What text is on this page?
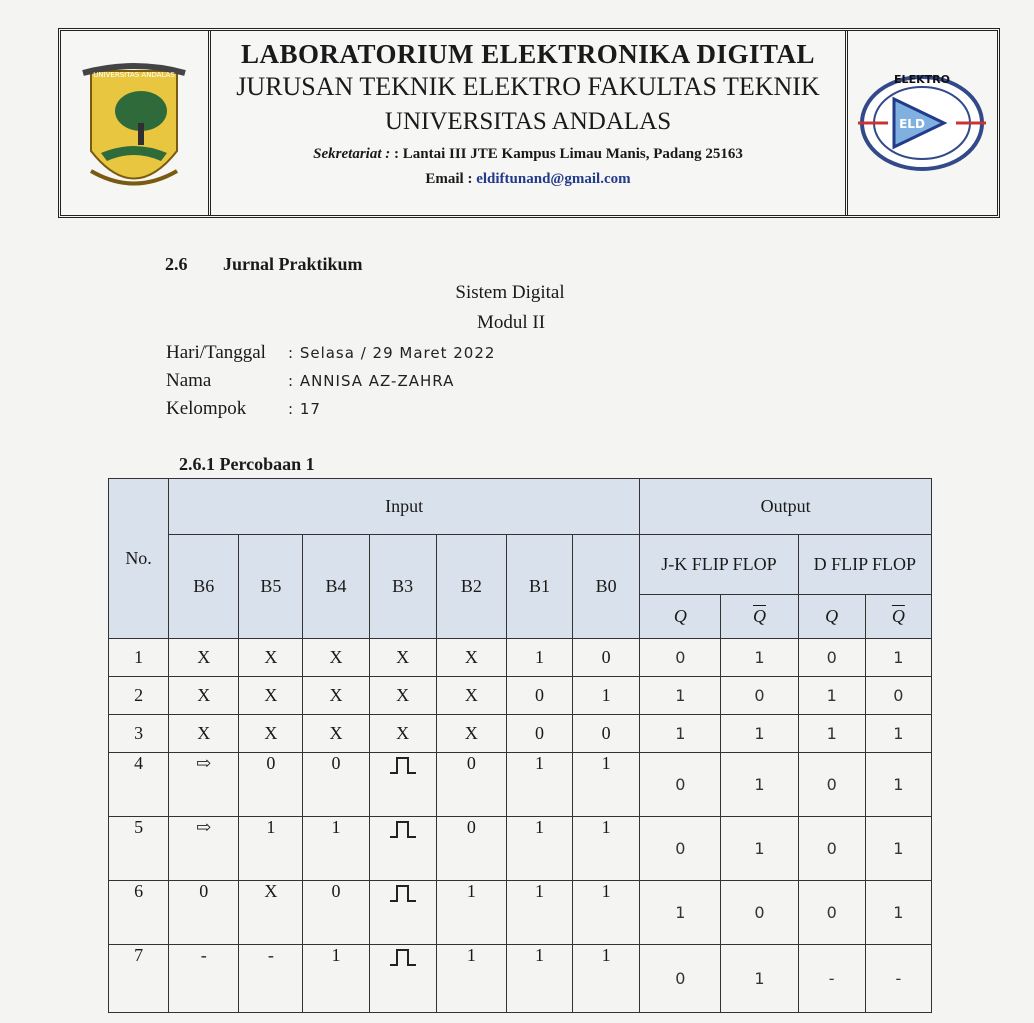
UNIVERSITAS ANDALAS
LABORATORIUM ELEKTRONIKA DIGITAL
JURUSAN TEKNIK ELEKTRO FAKULTAS TEKNIK
UNIVERSITAS ANDALAS
Sekretariat : : Lantai III JTE Kampus Limau Manis, Padang 25163
Email : eldiftunand@gmail.com
ELEKTRO
ELD
2.6 Jurnal Praktikum
Sistem Digital
Modul II
Hari/Tanggal : Selasa / 29 Maret 2022
Nama	: ANNISA AZ-ZAHRA
Kelompok	: 17
2.6.1 Percobaan 1
No.	Input							Output			
	B6	B5	B4	B3	B2	B1	B0	J-K FLIP FLOP		D FLIP FLOP	
								Q	$\overline{Q}$	Q	$\overline{Q}$
1	X	X	X	X	X	1	0	0	1	0	1
2	X	X	X	X	X	0	1	1	0	1	0
3	X	X	X	X	X	0	0	1	1	1	1
4	⇨	0	0		0	1	1	0	1	0	1
5	⇨	1	1		0	1	1	0	1	0	1
6	0	X	0		1	1	1	1	0	0	1
7	-	-	1		1	1	1	0	1	-	-
